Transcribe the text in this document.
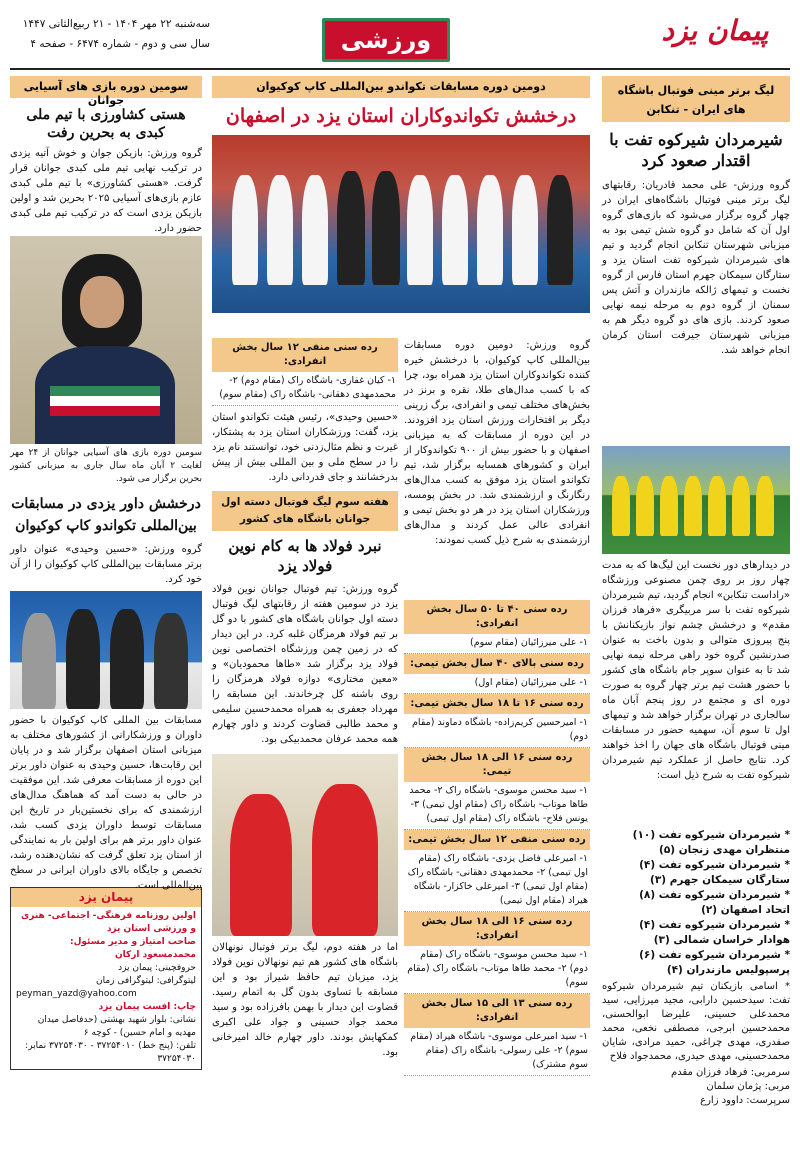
پیمان یزد
ورزشی
سه‌شنبه ۲۲ مهر ۱۴۰۴ - ۲۱ ربیع‌الثانی ۱۴۴۷
سال سی و دوم - شماره ۶۴۷۴ - صفحه ۴
لیگ برتر مینی فوتبال باشگاه های ایران - تنکابن
شیرمردان شیرکوه تفت با اقتدار صعود کرد
گروه ورزش- علی محمد قادریان: رقابتهای لیگ برتر مینی فوتبال باشگاه‌های ایران در چهار گروه برگزار می‌شود که بازی‌های گروه اول آن که شامل دو گروه شش تیمی بود به میزبانی شهرستان تنکابن انجام گردید و تیم های شیرمردان شیرکوه تفت استان یزد و ستارگان سیمکان جهرم استان فارس از گروه نخست و تیمهای ژالکه مازندران و آتش پس سمنان از گروه دوم به مرحله نیمه نهایی صعود کردند. بازی های دو گروه دیگر هم به میزبانی شهرستان جیرفت استان کرمان انجام خواهد شد.
در دیدارهای دور نخست این لیگ‌ها که به مدت چهار روز بر روی چمن مصنوعی ورزشگاه «راداست تنکابن» انجام گردید، تیم شیرمردان شیرکوه تفت با سر مربیگری «فرهاد فرزان مقدم» و درخشش چشم نواز بازیکنانش با پنج پیروزی متوالی و بدون باخت به عنوان صدرنشین گروه خود راهی مرحله نیمه نهایی شد تا به عنوان سوپر جام باشگاه های کشور با حضور هشت تیم برتر چهار گروه به صورت دوره ای و مجتمع در روز پنجم آبان ماه سالجاری در تهران برگزار خواهد شد و تیمهای اول تا سوم آن، سهمیه حضور در مسابقات مینی فوتبال باشگاه های جهان را اخذ خواهند کرد. نتایج حاصل از عملکرد تیم شیرمردان شیرکوه تفت به شرح ذیل است:
* شیرمردان شیرکوه تفت (۱۰)
منتظران مهدی زنجان (۵)
* شیرمردان شیرکوه تفت (۴)
ستارگان سیمکان جهرم (۳)
* شیرمردان شیرکوه تفت (۸)
اتحاد اصفهان (۲)
* شیرمردان شیرکوه تفت (۴)
هوادار خراسان شمالی (۳)
* شیرمردان شیرکوه تفت (۶)
پرسپولیس مازندران (۴)
* اسامی بازیکنان تیم شیرمردان شیرکوه تفت: سیدحسین دارابی، مجید میرزایی، سید محمدعلی حسینی، علیرضا ابوالحسنی، محمدحسین ابرجی، مصطفی نخعی، محمد صفدری، مهدی چراغی، حمید مرادی، شایان محمدحسینی، مهدی حیدری، محمدجواد فلاح
سرمربی: فرهاد فرزان مقدم
مربی: پژمان سلمان
سرپرست: داوود زارع
دومین دوره مسابقات تکواندو بین‌المللی کاپ کوکیوان
درخشش تکواندوکاران استان یزد در اصفهان
گروه ورزش: دومین دوره مسابقات بین‌المللی کاپ کوکیوان، با درخشش خیره کننده تکواندوکاران استان یزد همراه بود، چرا که با کسب مدال‌های طلا، نقره و برنز در بخش‌های مختلف تیمی و انفرادی، برگ زرینی دیگر بر افتخارات ورزش استان یزد افزودند. در این دوره از مسابقات که به میزبانی اصفهان و با حضور بیش از ۹۰۰ تکواندوکار از ایران و کشورهای همسایه برگزار شد، تیم تکواندو استان یزد موفق به کسب مدال‌های رنگارنگ و ارزشمندی شد. در بخش پومسه، ورزشکاران استان یزد در هر دو بخش تیمی و انفرادی عالی عمل کردند و مدال‌های ارزشمندی به شرح ذیل کسب نمودند:
رده سنی ۴۰ تا ۵۰ سال بخش انفرادی:
۱- علی میرزائیان (مقام سوم)
رده سنی بالای ۴۰ سال بخش تیمی:
۱- علی میرزائیان (مقام اول)
رده سنی ۱۶ تا ۱۸ سال بخش تیمی:
۱- امیرحسین کریم‌زاده- باشگاه دماوند (مقام دوم)
رده سنی ۱۶ الی ۱۸ سال بخش تیمی:
۱- سید محسن موسوی- باشگاه راک ۲- محمد طاها موتاب- باشگاه راک (مقام اول تیمی) ۳- یونس فلاح- باشگاه راک (مقام اول تیمی)
رده سنی منفی ۱۲ سال بخش تیمی:
۱- امیرعلی فاضل یزدی- باشگاه راک (مقام اول تیمی) ۲- محمدمهدی دهقانی- باشگاه راک (مقام اول تیمی) ۳- امیرعلی خاکزار- باشگاه هیراد (مقام اول تیمی)
رده سنی ۱۶ الی ۱۸ سال بخش انفرادی:
۱- سید محسن موسوی- باشگاه راک (مقام دوم) ۲- محمد طاها موتاب- باشگاه راک (مقام سوم)
رده سنی ۱۳ الی ۱۵ سال بخش انفرادی:
۱- سید امیرعلی موسوی- باشگاه هیراد (مقام سوم) ۲- علی رسولی- باشگاه راک (مقام سوم مشترک)
رده سنی منفی ۱۲ سال بخش انفرادی:
۱- کیان غفاری- باشگاه راک (مقام دوم) ۲- محمدمهدی دهقانی- باشگاه راک (مقام سوم)
«حسین وحیدی»، رئیس هیئت تکواندو استان یزد، گفت: ورزشکاران استان یزد به پشتکار، غیرت و نظم مثال‌زدنی خود، توانستند نام یزد را در سطح ملی و بین المللی بیش از پیش بدرخشانند و جای قدردانی دارد.
هفته سوم لیگ فوتبال دسته اول جوانان باشگاه های کشور
نبرد فولاد ها به کام نوین فولاد یزد
گروه ورزش: تیم فوتبال جوانان نوین فولاد یزد در سومین هفته از رقابتهای لیگ فوتبال دسته اول جوانان باشگاه های کشور با دو گل بر تیم فولاد هرمزگان غلبه کرد. در این دیدار که در زمین چمن ورزشگاه اختصاصی نوین فولاد یزد برگزار شد «طاها محمودیان» و «معین مختاری» دوازه فولاد هرمزگان را روی باشنه کل چرخاندند. این مسابقه را مهرداد جعفری به همراه محمدحسین سلیمی و محمد طالبی قضاوت کردند و داور چهارم همه محمد عرفان محمدبیکی بود.
اما در هفته دوم، لیگ برتر فوتبال نونهالان باشگاه های کشور هم تیم نونهالان نوین فولاد یزد، میزبان تیم حافظ شیراز بود و این مسابقه با تساوی بدون گل به اتمام رسید. قضاوت این دیدار با بهمن بافرزاده بود و سید محمد جواد حسینی و جواد علی اکبری کمکهایش بودند. داور چهارم خالد امیرخانی بود.
سومین دوره بازی های آسیایی جوانان
هستی کشاورزی با تیم ملی کبدی به بحرین رفت
گروه ورزش: بازیکن جوان و خوش آتیه یزدی در ترکیب نهایی تیم ملی کبدی جوانان قرار گرفت. «هستی کشاورزی» با تیم ملی کبدی عازم بازی‌های آسیایی ۲۰۲۵ بحرین شد و اولین بازیکن یزدی است که در ترکیب تیم ملی کبدی حضور دارد.
سومین دوره بازی های آسیایی جوانان از ۲۴ مهر لغایت ۲ آبان ماه سال جاری به میزبانی کشور بحرین برگزار می شود.
درخشش داور یزدی در مسابقات بین‌المللی تکواندو کاپ کوکیوان
گروه ورزش: «حسین وحیدی» عنوان داور برتر مسابقات بین‌المللی کاپ کوکیوان را از آن خود کرد.
مسابقات بین المللی کاپ کوکیوان با حضور داوران و ورزشکارانی از کشورهای مختلف به میزبانی استان اصفهان برگزار شد و در پایان این رقابت‌ها، حسین وحیدی به عنوان داور برتر این دوره از مسابقات معرفی شد. این موفقیت در حالی به دست آمد که هماهنگ مدال‌های ارزشمندی که برای نخستین‌بار در تاریخ این مسابقات توسط داوران یزدی کسب شد، عنوان داور برتر هم برای اولین بار به نمایندگی از استان یزد تعلق گرفت که نشان‌دهنده رشد، تخصص و جایگاه بالای داوران ایرانی در سطح بین‌المللی است.
پیمان یزد
اولین روزنامه فرهنگی- اجتماعی- هنری و ورزشی استان یزد
صاحب امتیاز و مدیر مسئول: محمدمسعود ارکان
حروفچینی: پیمان یزد
لیتوگرافی: لیتوگرافی زمان
peyman_yazd@yahoo.com
چاپ: افست پیمان یزد
نشانی: بلوار شهید بهشتی (حدفاصل میدان مهدیه و امام حسین) - کوچه ۶
تلفن: (پنج خط) ۳۷۲۵۴۰۱۰ - ۳۷۲۵۴۰۳۰ نمابر: ۳۷۲۵۴۰۳۰
